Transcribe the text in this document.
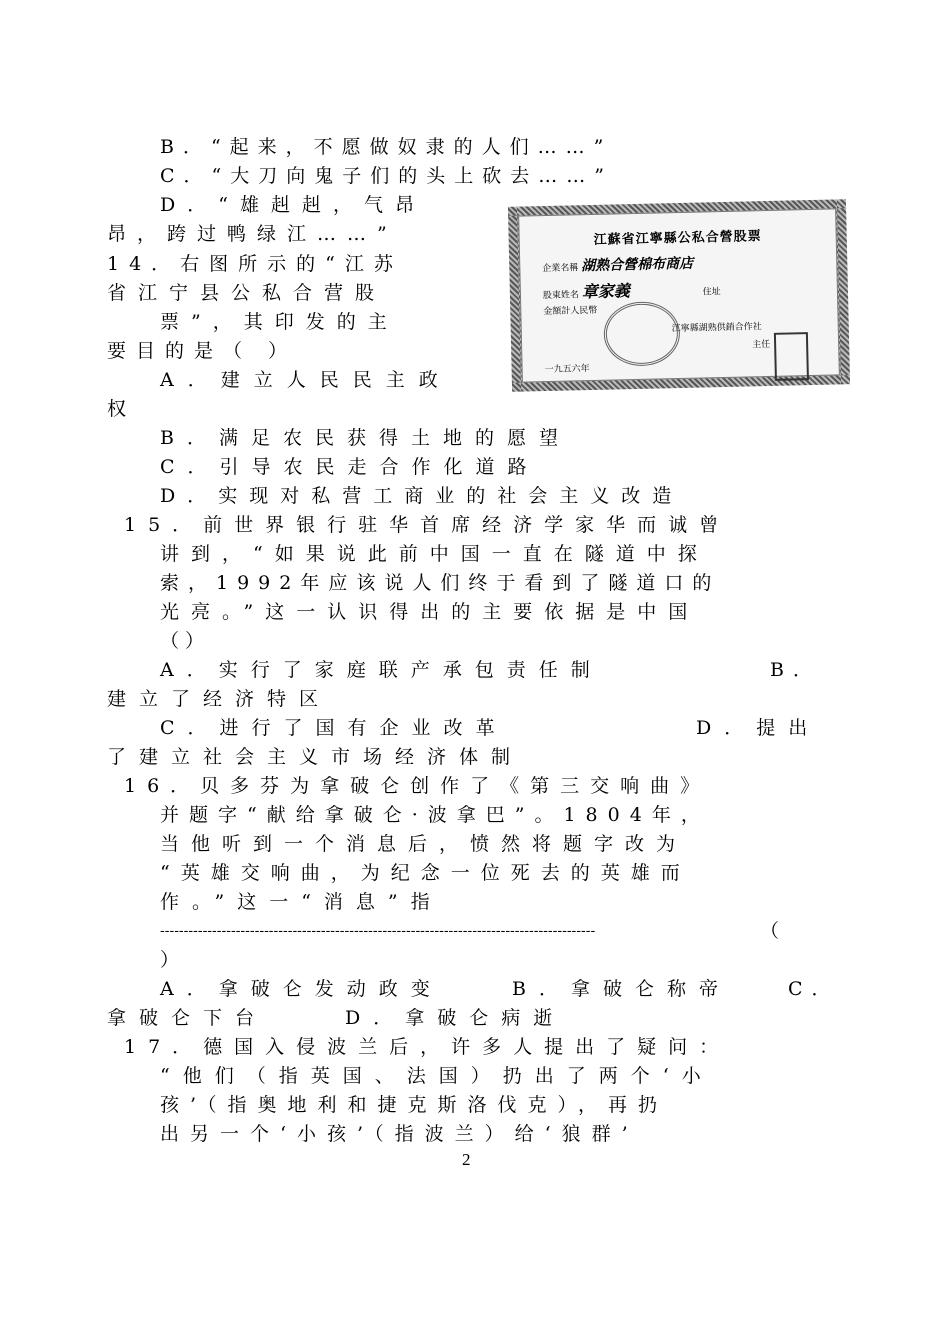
B．“起来，不愿做奴隶的人们……”
C．“大刀向鬼子们的头上砍去……”
D．“雄赳赳，气昂
昂，跨过鸭绿江……”
14．右图所示的“江苏
省江宁县公私合营股
票”，其印发的主
要目的是（ ）
A．建立人民民主政
权
B．满足农民获得土地的愿望
C．引导农民走合作化道路
D．实现对私营工商业的社会主义改造
15．前世界银行驻华首席经济学家华而诚曾
讲到，“如果说此前中国一直在隧道中探
索，1992年应该说人们终于看到了隧道口的
光亮。”这一认识得出的主要依据是中国
（ ）
A．实行了家庭联产承包责任制	B．
建立了经济特区
C．进行了国有企业改革	D．提出
了建立社会主义市场经济体制
16．贝多芬为拿破仑创作了《第三交响曲》
并题字“献给拿破仑·波拿巴”。1804年，
当他听到一个消息后，愤然将题字改为
“英雄交响曲，为纪念一位死去的英雄而
作。”这一“消息”指
--------------------------------------------------------------------------------------------	（
）
A．拿破仑发动政变	B．拿破仑称帝	C．
拿破仑下台	D．拿破仑病逝
17．德国入侵波兰后，许多人提出了疑问：
“他们（指英国、法国）扔出了两个‘小
孩’（指奥地利和捷克斯洛伐克），再扔
出另一个‘小孩’（指波兰）给‘狼群’
江蘇省江寧縣公私合營股票
企業名稱 湖熟合營棉布商店
股東姓名 章家義	住址
金額計人民幣
江寧縣湖熟供銷合作社
主任
一九五六年
2
